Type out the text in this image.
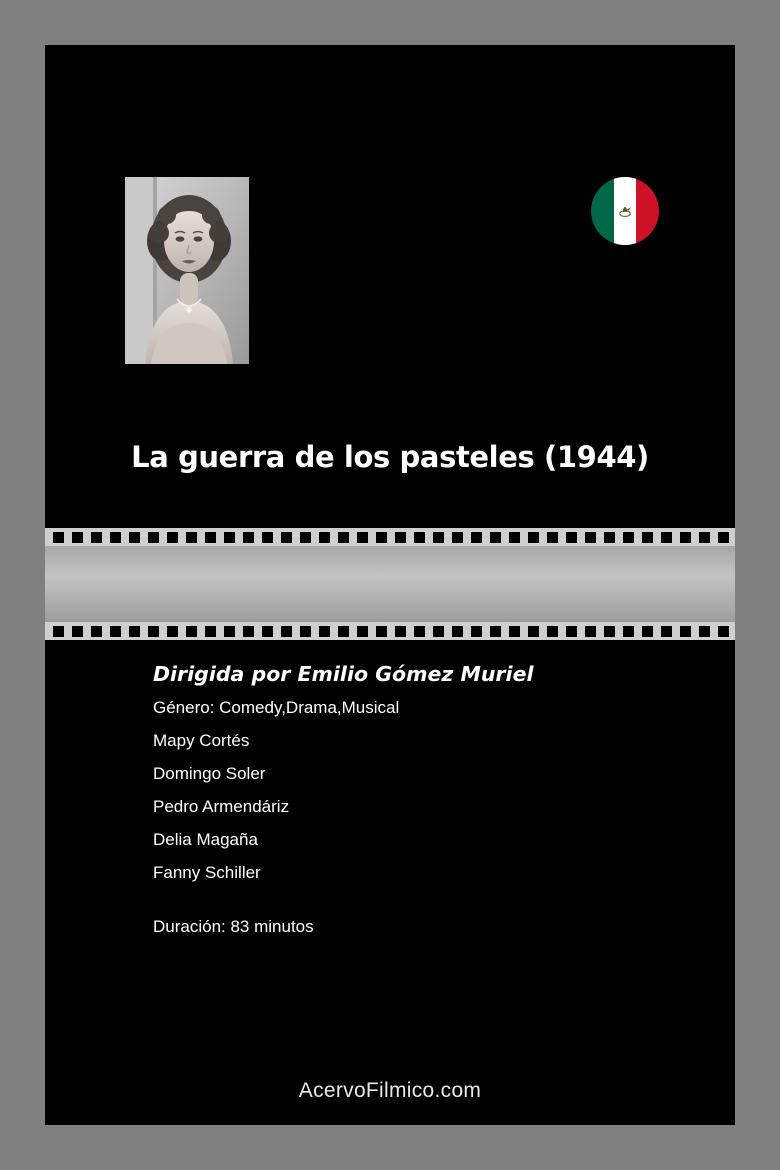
La guerra de los pasteles (1944)
Dirigida por Emilio Gómez Muriel
Género: Comedy,Drama,Musical
Mapy Cortés
Domingo Soler
Pedro Armendáriz
Delia Magaña
Fanny Schiller
Duración: 83 minutos
AcervoFilmico.com
